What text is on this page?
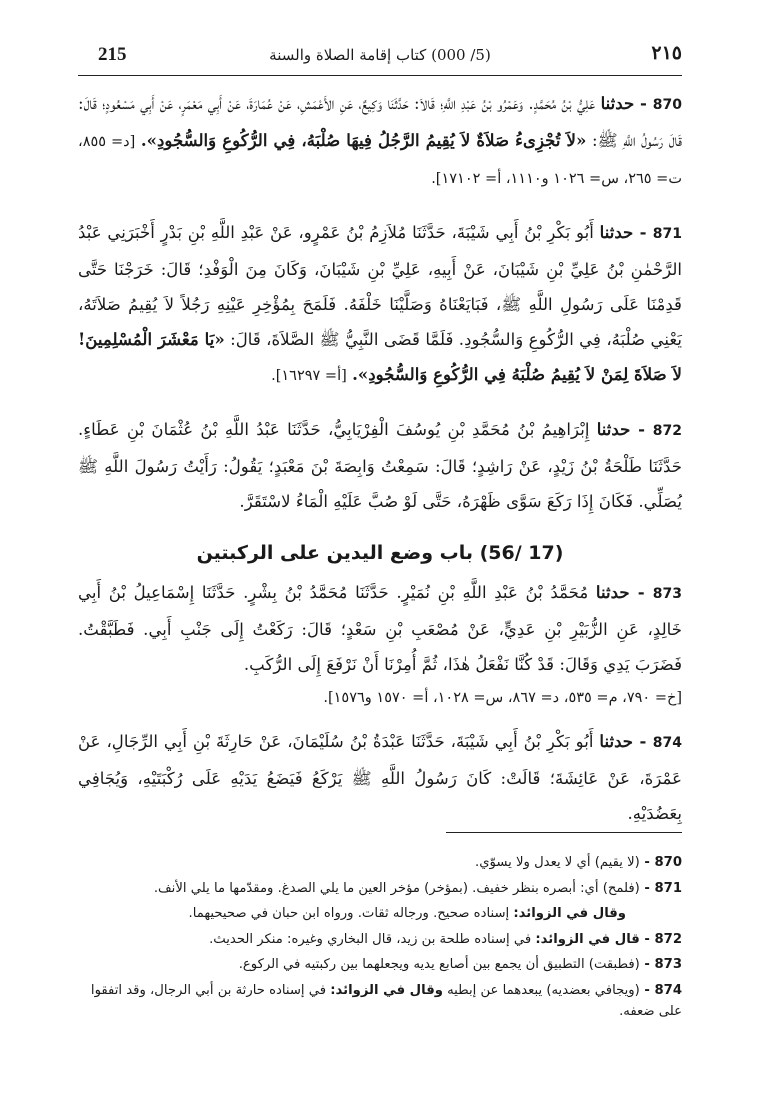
215	(5/ 000) كتاب إقامة الصلاة والسنة	٢١٥

870 - حدثنا عَلِيُّ بْنُ مُحَمَّدٍ. وَعَمْرُو بْنُ عَبْدِ اللَّهِ؛ قَالاَ: حَدَّثَنَا وَكِيعٌ، عَنِ الأَعْمَشِ، عَنْ عُمَارَةَ، عَنْ أَبِي مَعْمَرٍ، عَنْ أَبِي مَسْعُودٍ؛ قَالَ: قَالَ رَسُولُ اللَّهِ ﷺ: «لاَ تُجْزِىءُ صَلاَةٌ لاَ يُقِيمُ الرَّجُلُ فِيهَا صُلْبَهُ، فِي الرُّكُوعِ وَالسُّجُودِ». [د= ٨٥٥، ت= ٢٦٥، س= ١٠٢٦ و١١١٠، أ= ١٧١٠٢].

871 - حدثنا أَبُو بَكْرِ بْنُ أَبِي شَيْبَةَ، حَدَّثَنَا مُلاَزِمُ بْنُ عَمْرٍو، عَنْ عَبْدِ اللَّهِ بْنِ بَدْرٍ أَخْبَرَنِي عَبْدُ الرَّحْمٰنِ بْنُ عَلِيِّ بْنِ شَيْبَانَ، عَنْ أَبِيهِ، عَلِيِّ بْنِ شَيْبَانَ، وَكَانَ مِنَ الْوَفْدِ؛ قَالَ: خَرَجْنَا حَتَّى قَدِمْنَا عَلَى رَسُولِ اللَّهِ ﷺ، فَبَايَعْنَاهُ وَصَلَّيْنَا خَلْفَهُ. فَلَمَحَ بِمُؤْخِرِ عَيْنِهِ رَجُلاً لاَ يُقِيمُ صَلاَتَهُ، يَعْنِي صُلْبَهُ، فِي الرُّكُوعِ وَالسُّجُودِ. فَلَمَّا قَضَى النَّبِيُّ ﷺ الصَّلاَةَ، قَالَ: «يَا مَعْشَرَ الْمُسْلِمِينَ! لاَ صَلاَةَ لِمَنْ لاَ يُقِيمُ صُلْبَهُ فِي الرُّكُوعِ وَالسُّجُودِ». [أ= ١٦٢٩٧].

872 - حدثنا إِبْرَاهِيمُ بْنُ مُحَمَّدِ بْنِ يُوسُفَ الْفِرْيَابِيُّ، حَدَّثَنَا عَبْدُ اللَّهِ بْنُ عُثْمَانَ بْنِ عَطَاءٍ. حَدَّثَنَا طَلْحَةُ بْنُ زَيْدٍ، عَنْ رَاشِدٍ؛ قَالَ: سَمِعْتُ وَابِصَةَ بْنَ مَعْبَدٍ؛ يَقُولُ: رَأَيْتُ رَسُولَ اللَّهِ ﷺ يُصَلِّي. فَكَانَ إِذَا رَكَعَ سَوَّى ظَهْرَهُ، حَتَّى لَوْ صُبَّ عَلَيْهِ الْمَاءُ لاسْتَقَرَّ.

(17 /56) باب وضع اليدين على الركبتين

873 - حدثنا مُحَمَّدُ بْنُ عَبْدِ اللَّهِ بْنِ نُمَيْرٍ. حَدَّثَنَا مُحَمَّدُ بْنُ بِشْرٍ. حَدَّثَنَا إِسْمَاعِيلُ بْنُ أَبِي خَالِدٍ، عَنِ الزُّبَيْرِ بْنِ عَدِيٍّ، عَنْ مُصْعَبِ بْنِ سَعْدٍ؛ قَالَ: رَكَعْتُ إِلَى جَنْبِ أَبِي. فَطَبَّقْتُ. فَضَرَبَ يَدِي وَقَالَ: قَدْ كُنَّا نَفْعَلُ هٰذَا، ثُمَّ أُمِرْنَا أَنْ نَرْفَعَ إِلَى الرُّكَبِ.

[خ= ٧٩٠، م= ٥٣٥، د= ٨٦٧، س= ١٠٢٨، أ= ١٥٧٠ و١٥٧٦].

874 - حدثنا أَبُو بَكْرِ بْنُ أَبِي شَيْبَةَ، حَدَّثَنَا عَبْدَةُ بْنُ سُلَيْمَانَ، عَنْ حَارِثَةَ بْنِ أَبِي الرِّجَالِ، عَنْ عَمْرَةَ، عَنْ عَائِشَةَ؛ قَالَتْ: كَانَ رَسُولُ اللَّهِ ﷺ يَرْكَعُ فَيَضَعُ يَدَيْهِ عَلَى رُكْبَتَيْهِ، وَيُجَافِي بِعَضُدَيْهِ.

870 - (لا يقيم) أي لا يعدل ولا يسوّي.
871 - (فلمح) أي: أبصره بنظر خفيف. (بمؤخر) مؤخر العين ما يلي الصدغ. ومقدّمها ما يلي الأنف.
وقال في الزوائد: إسناده صحيح. ورجاله ثقات. ورواه ابن حبان في صحيحيهما.
872 - قال في الزوائد: في إسناده طلحة بن زيد، قال البخاري وغيره: منكر الحديث.
873 - (فطبقت) التطبيق أن يجمع بين أصابع يديه ويجعلهما بين ركبتيه في الركوع.
874 - (ويجافي بعضديه) يبعدهما عن إبطيه وقال في الزوائد: في إسناده حارثة بن أبي الرجال، وقد اتفقوا على ضعفه.
